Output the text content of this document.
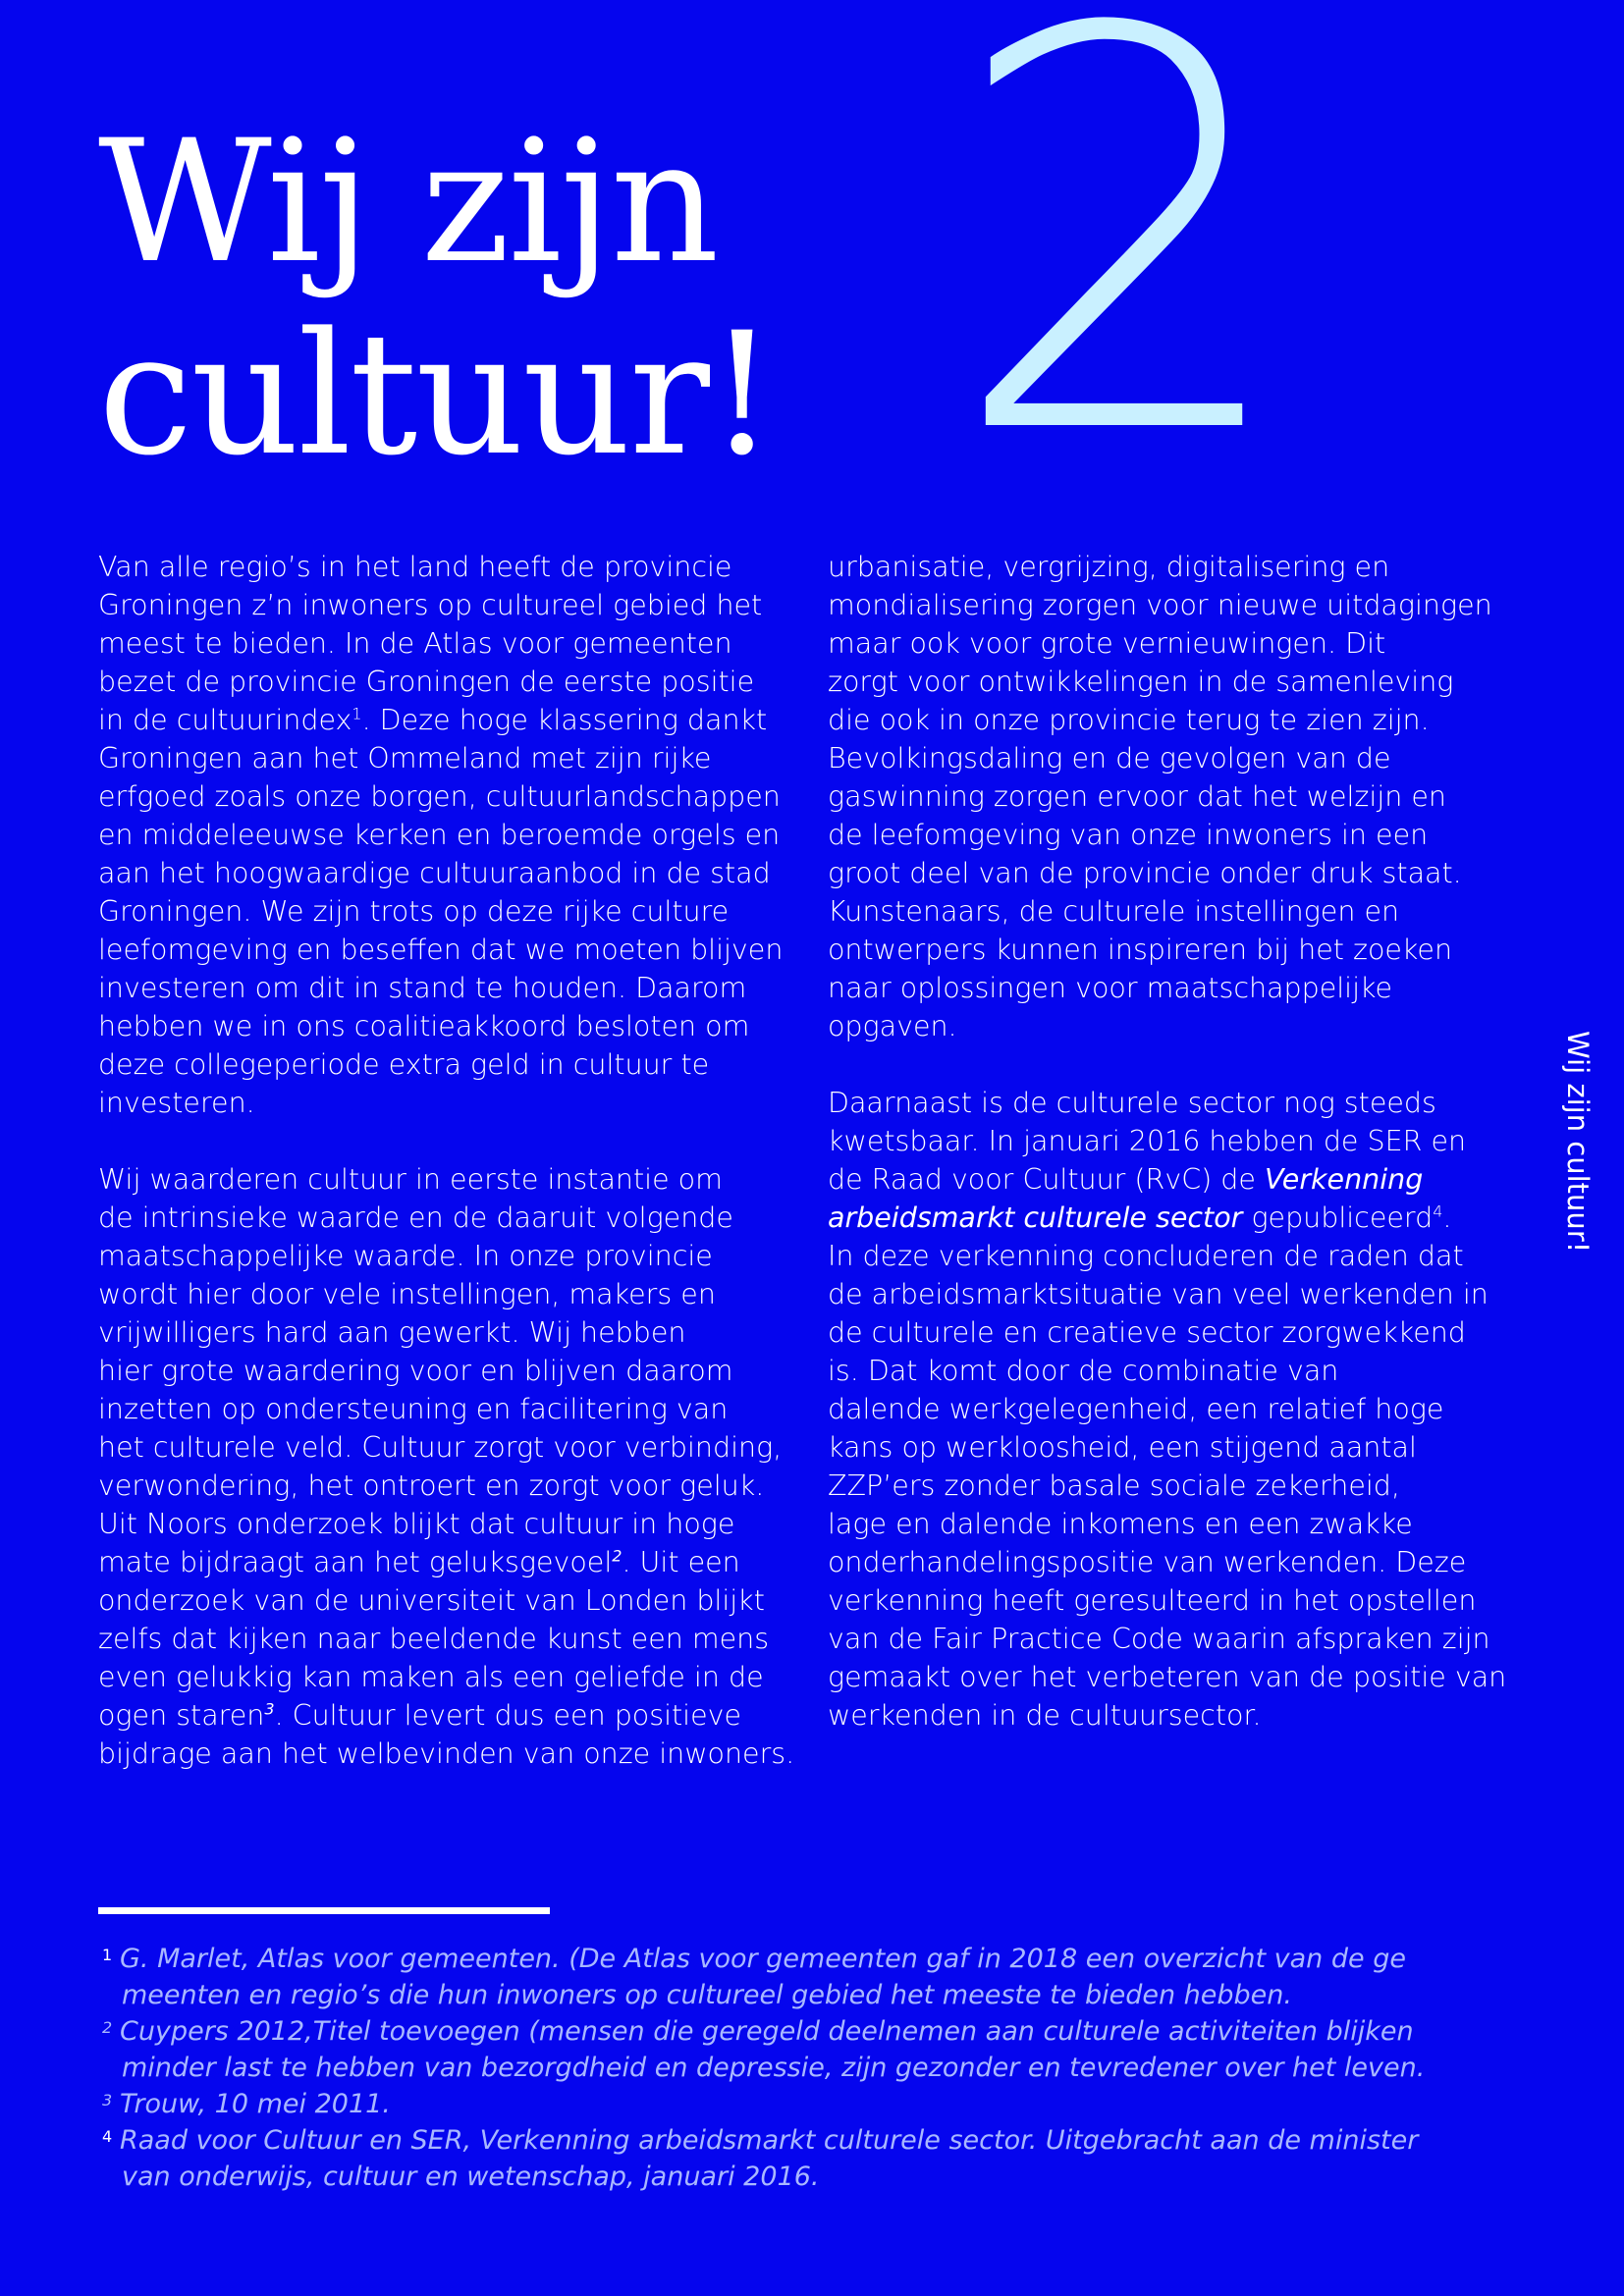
Wij zijn
cultuur! 2

Van alle regio’s in het land heeft de provincie
Groningen z’n inwoners op cultureel gebied het
meest te bieden. In de Atlas voor gemeenten
bezet de provincie Groningen de eerste positie
in de cultuurindex$^1$. Deze hoge klassering dankt
Groningen aan het Ommeland met zijn rijke
erfgoed zoals onze borgen, cultuurlandschappen
en middeleeuwse kerken en beroemde orgels en
aan het hoogwaardige cultuuraanbod in de stad
Groningen. We zijn trots op deze rijke culture
leefomgeving en beseffen dat we moeten blijven
investeren om dit in stand te houden. Daarom
hebben we in ons coalitieakkoord besloten om
deze collegeperiode extra geld in cultuur te
investeren.

Wij waarderen cultuur in eerste instantie om
de intrinsieke waarde en de daaruit volgende
maatschappelijke waarde. In onze provincie
wordt hier door vele instellingen, makers en
vrijwilligers hard aan gewerkt. Wij hebben
hier grote waardering voor en blijven daarom
inzetten op ondersteuning en facilitering van
het culturele veld. Cultuur zorgt voor verbinding,
verwondering, het ontroert en zorgt voor geluk.
Uit Noors onderzoek blijkt dat cultuur in hoge
mate bijdraagt aan het geluksgevoel$^2$. Uit een
onderzoek van de universiteit van Londen blijkt
zelfs dat kijken naar beeldende kunst een mens
even gelukkig kan maken als een geliefde in de
ogen staren$^3$. Cultuur levert dus een positieve
bijdrage aan het welbevinden van onze inwoners.

urbanisatie, vergrijzing, digitalisering en
mondialisering zorgen voor nieuwe uitdagingen
maar ook voor grote vernieuwingen. Dit
zorgt voor ontwikkelingen in de samenleving
die ook in onze provincie terug te zien zijn.
Bevolkingsdaling en de gevolgen van de
gaswinning zorgen ervoor dat het welzijn en
de leefomgeving van onze inwoners in een
groot deel van de provincie onder druk staat.
Kunstenaars, de culturele instellingen en
ontwerpers kunnen inspireren bij het zoeken
naar oplossingen voor maatschappelijke
opgaven.

Daarnaast is de culturele sector nog steeds
kwetsbaar. In januari 2016 hebben de SER en
de Raad voor Cultuur (RvC) de Verkenning
arbeidsmarkt culturele sector gepubliceerd$^4$.
In deze verkenning concluderen de raden dat
de arbeidsmarktsituatie van veel werkenden in
de culturele en creatieve sector zorgwekkend
is. Dat komt door de combinatie van
dalende werkgelegenheid, een relatief hoge
kans op werkloosheid, een stijgend aantal
ZZP’ers zonder basale sociale zekerheid,
lage en dalende inkomens en een zwakke
onderhandelingspositie van werkenden. Deze
verkenning heeft geresulteerd in het opstellen
van de Fair Practice Code waarin afspraken zijn
gemaakt over het verbeteren van de positie van
werkenden in de cultuursector.

Wij zijn cultuur!
1 G. Marlet, Atlas voor gemeenten. (De Atlas voor gemeenten gaf in 2018 een overzicht van de ge
meenten en regio’s die hun inwoners op cultureel gebied het meeste te bieden hebben.
2 Cuypers 2012,Titel toevoegen (mensen die geregeld deelnemen aan culturele activiteiten blijken
minder last te hebben van bezorgdheid en depressie, zijn gezonder en tevredener over het leven.
3 Trouw, 10 mei 2011.
4 Raad voor Cultuur en SER, Verkenning arbeidsmarkt culturele sector. Uitgebracht aan de minister
van onderwijs, cultuur en wetenschap, januari 2016.
